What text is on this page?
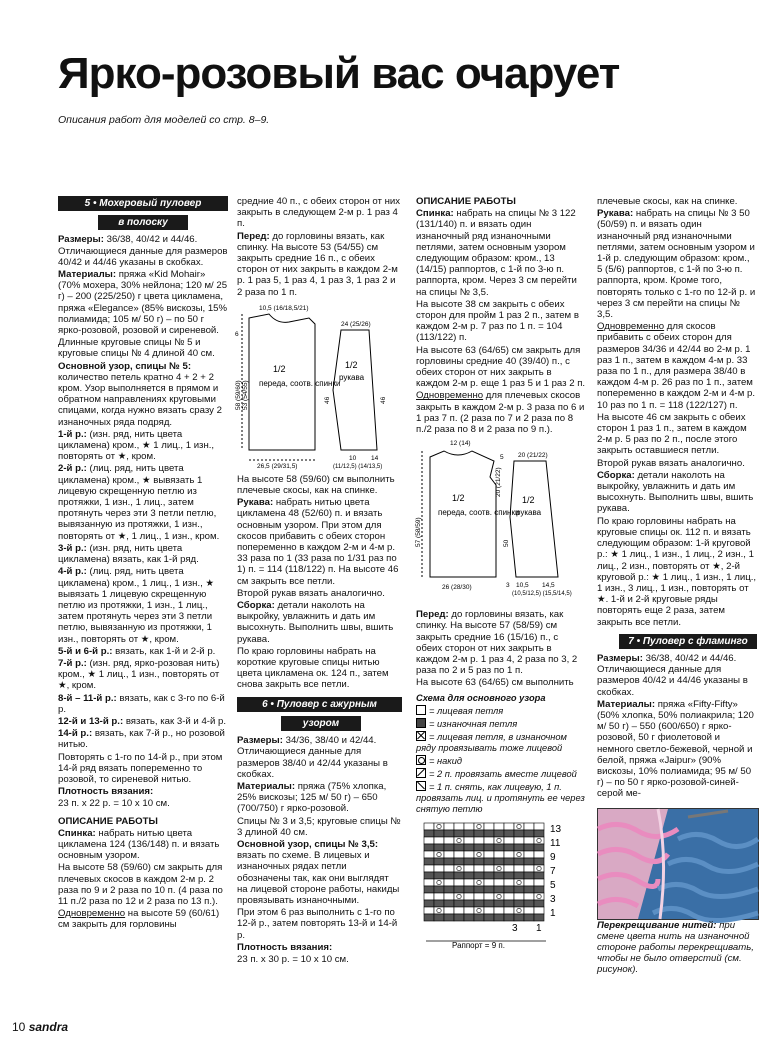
Ярко-розовый вас очарует

Описания работ для моделей со стр. 8–9.

5 • Мохеровый пуловер
в полоску

Размеры: 36/38, 40/42 и 44/46. Отличающиеся данные для размеров 40/42 и 44/46 указаны в скобках.

Материалы: пряжа «Kid Mohair» (70% мохера, 30% нейлона; 120 м/ 25 г) – 200 (225/250) г цвета цикламена, пряжа «Elegance» (85% вискозы, 15% полиамида; 105 м/ 50 г) – по 50 г ярко-розовой, розовой и сиреневой.

Длинные круговые спицы № 5 и круговые спицы № 4 длиной 40 см.

Основной узор, спицы № 5: количество петель кратно 4 + 2 + 2 кром. Узор выполняется в прямом и обратном направлениях круговыми спицами, когда нужно вязать сразу 2 изнаночных ряда подряд.

1-й р.: (изн. ряд, нить цвета цикламена) кром., ★ 1 лиц., 1 изн., повторять от ★, кром.

2-й р.: (лиц. ряд, нить цвета цикламена) кром., ★ вывязать 1 лицевую скрещенную петлю из протяжки, 1 изн., 1 лиц., затем протянуть через эти 3 петли петлю, вывязанную из протяжки, 1 изн., повторять от ★, 1 лиц., 1 изн., кром.

3-й р.: (изн. ряд, нить цвета цикламена) вязать, как 1-й ряд.

4-й р.: (лиц. ряд, нить цвета цикламена) кром., 1 лиц., 1 изн., ★ вывязать 1 лицевую скрещенную петлю из протяжки, 1 изн., 1 лиц., затем протянуть через эти 3 петли петлю, вывязанную из протяжки, 1 изн., повторять от ★, кром.

5-й и 6-й р.: вязать, как 1-й и 2-й р.

7-й р.: (изн. ряд, ярко-розовая нить) кром., ★ 1 лиц., 1 изн., повторять от ★, кром.

8-й – 11-й р.: вязать, как с 3-го по 6-й р.

12-й и 13-й р.: вязать, как 3-й и 4-й р.

14-й р.: вязать, как 7-й р., но розовой нитью.

Повторять с 1-го по 14-й р., при этом 14-й ряд вязать попеременно то розовой, то сиреневой нитью.

Плотность вязания:

23 п. х 22 р. = 10 х 10 см.

ОПИСАНИЕ РАБОТЫ

Спинка: набрать нитью цвета цикламена 124 (136/148) п. и вязать основным узором.

На высоте 58 (59/60) см закрыть для плечевых скосов в каждом 2-м р. 2 раза по 9 и 2 раза по 10 п. (4 раза по 11 п./2 раза по 12 и 2 раза по 13 п.).

Одновременно на высоте 59 (60/61) см закрыть для горловины

средние 40 п., с обеих сторон от них закрыть в следующем 2-м р. 1 раз 4 п.

Перед: до горловины вязать, как спинку. На высоте 53 (54/55) см закрыть средние 16 п., с обеих сторон от них закрыть в каждом 2-м р. 1 раз 5, 1 раз 4, 1 раз 3, 1 раз 2 и 2 раза по 1 п.

10,5 (16/18,5/21)
53 (54/55)
58 (59/60)
6
1/2
переда, соотв. спинки
26,5 (29/31,5)
24 (25/26)
1/2
рукава
46	46
10 14
(11/12,5) (14/13,5)

На высоте 58 (59/60) см выполнить плечевые скосы, как на спинке.

Рукава: набрать нитью цвета цикламена 48 (52/60) п. и вязать основным узором. При этом для скосов прибавить с обеих сторон попеременно в каждом 2-м и 4-м р. 33 раза по 1 (33 раза по 1/31 раз по 1) п. = 114 (118/122) п. На высоте 46 см закрыть все петли.

Второй рукав вязать аналогично.

Сборка: детали наколоть на выкройку, увлажнить и дать им высохнуть. Выполнить швы, вшить рукава.

По краю горловины набрать на короткие круговые спицы нитью цвета цикламена ок. 124 п., затем снова закрыть все петли.

6 • Пуловер с ажурным
узором

Размеры: 34/36, 38/40 и 42/44. Отличающиеся данные для размеров 38/40 и 42/44 указаны в скобках.

Материалы: пряжа (75% хлопка, 25% вискозы; 125 м/ 50 г) – 650 (700/750) г ярко-розовой.

Спицы № 3 и 3,5; круговые спицы № 3 длиной 40 см.

Основной узор, спицы № 3,5: вязать по схеме. В лицевых и изнаночных рядах петли обозначены так, как они выглядят на лицевой стороне работы, накиды провязывать изнаночными.

При этом 6 раз выполнить с 1-го по 12-й р., затем повторять 13-й и 14-й р.

Плотность вязания:

23 п. х 30 р. = 10 х 10 см.

ОПИСАНИЕ РАБОТЫ

Спинка: набрать на спицы № 3 122 (131/140) п. и вязать один изнаночный ряд изнаночными петлями, затем основным узором следующим образом: кром., 13 (14/15) раппортов, с 1-й по 3-ю п. раппорта, кром. Через 3 см перейти на спицы № 3,5.

На высоте 38 см закрыть с обеих сторон для пройм 1 раз 2 п., затем в каждом 2-м р. 7 раз по 1 п. = 104 (113/122) п.

На высоте 63 (64/65) см закрыть для горловины средние 40 (39/40) п., с обеих сторон от них закрыть в каждом 2-м р. еще 1 раз 5 и 1 раз 2 п.

Одновременно для плечевых скосов закрыть в каждом 2-м р. 3 раза по 6 и 1 раз 7 п. (2 раза по 7 и 2 раза по 8 п./2 раза по 8 и 2 раза по 9 п.).

12 (14)
57 (58/59)
20 (21/22)
5
3
1/2
переда, соотв. спинки
26 (28/30)
20 (21/22)
1/2
рукава
50
10,5 14,5
(10,5/12,5) (15,5/14,5)

Перед: до горловины вязать, как спинку. На высоте 57 (58/59) см закрыть средние 16 (15/16) п., с обеих сторон от них закрыть в каждом 2-м р. 1 раз 4, 2 раза по 3, 2 раза по 2 и 5 раз по 1 п.

На высоте 63 (64/65) см выполнить

Схема для основного узора

= лицевая петля

= изнаночная петля

= лицевая петля, в изнаночном ряду провязывать тоже лицевой

= накид

= 2 п. провязать вместе лицевой

= 1 п. снять, как лицевую, 1 п. провязать лиц. и протянуть ее через снятую петлю

13
11
9
7
5
3
1
3 1
Раппорт = 9 п.

плечевые скосы, как на спинке.

Рукава: набрать на спицы № 3 50 (50/59) п. и вязать один изнаночный ряд изнаночными петлями, затем основным узором и 1-й р. следующим образом: кром., 5 (5/6) раппортов, с 1-й по 3-ю п. раппорта, кром. Кроме того, повторять только с 1-го по 12-й р. и через 3 см перейти на спицы № 3,5.

Одновременно для скосов прибавить с обеих сторон для размеров 34/36 и 42/44 во 2-м р. 1 раз 1 п., затем в каждом 4-м р. 33 раза по 1 п., для размера 38/40 в каждом 4-м р. 26 раз по 1 п., затем попеременно в каждом 2-м и 4-м р. 10 раз по 1 п. = 118 (122/127) п.

На высоте 46 см закрыть с обеих сторон 1 раз 1 п., затем в каждом 2-м р. 5 раз по 2 п., после этого закрыть оставшиеся петли.

Второй рукав вязать аналогично.

Сборка: детали наколоть на выкройку, увлажнить и дать им высохнуть. Выполнить швы, вшить рукава.

По краю горловины набрать на круговые спицы ок. 112 п. и вязать следующим образом: 1-й круговой р.: ★ 1 лиц., 1 изн., 1 лиц., 2 изн., 1 лиц., 2 изн., повторять от ★, 2-й круговой р.: ★ 1 лиц., 1 изн., 1 лиц., 1 изн., 3 лиц., 1 изн., повторять от ★. 1-й и 2-й круговые ряды повторять еще 2 раза, затем закрыть все петли.

7 • Пуловер с фламинго

Размеры: 36/38, 40/42 и 44/46. Отличающиеся данные для размеров 40/42 и 44/46 указаны в скобках.

Материалы: пряжа «Fifty-Fifty» (50% хлопка, 50% полиакрила; 120 м/ 50 г) – 550 (600/650) г ярко-розовой, 50 г фиолетовой и немного светло-бежевой, черной и белой, пряжа «Jaipur» (90% вискозы, 10% полиамида; 95 м/ 50 г) – по 50 г ярко-розовой-синей-серой ме-

Перекрещивание нитей: при смене цвета нить на изнаночной стороне работы перекрещивать, чтобы не было отверстий (см. рисунок).

10 sandra
